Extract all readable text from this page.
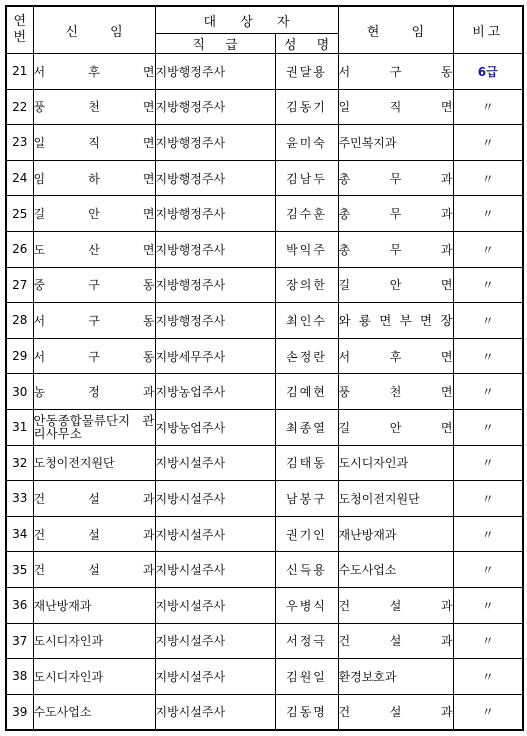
연
번	신 임	대 상 자		현 임	비고
		직 급	성 명		
21	서 후 면	지방행정주사	권달용	서 구 동	6급
22	풍 천 면	지방행정주사	김동기	일 직 면	〃
23	일 직 면	지방행정주사	윤미숙	주민복지과	〃
24	임 하 면	지방행정주사	김남두	총 무 과	〃
25	길 안 면	지방행정주사	김수훈	총 무 과	〃
26	도 산 면	지방행정주사	박익주	총 무 과	〃
27	중 구 동	지방행정주사	장의한	길 안 면	〃
28	서 구 동	지방행정주사	최인수	와 룡 면 부 면 장	〃
29	서 구 동	지방세무주사	손정란	서 후 면	〃
30	농 정 과	지방농업주사	김예현	풍 천 면	〃
31	안동종합물류단지 관리사무소	지방농업주사	최종열	길 안 면	〃
32	도청이전지원단	지방시설주사	김태동	도시디자인과	〃
33	건 설 과	지방시설주사	남봉구	도청이전지원단	〃
34	건 설 과	지방시설주사	권기인	재난방재과	〃
35	건 설 과	지방시설주사	신득용	수도사업소	〃
36	재난방재과	지방시설주사	우병식	건 설 과	〃
37	도시디자인과	지방시설주사	서정극	건 설 과	〃
38	도시디자인과	지방시설주사	김원일	환경보호과	〃
39	수도사업소	지방시설주사	김동명	건 설 과	〃
